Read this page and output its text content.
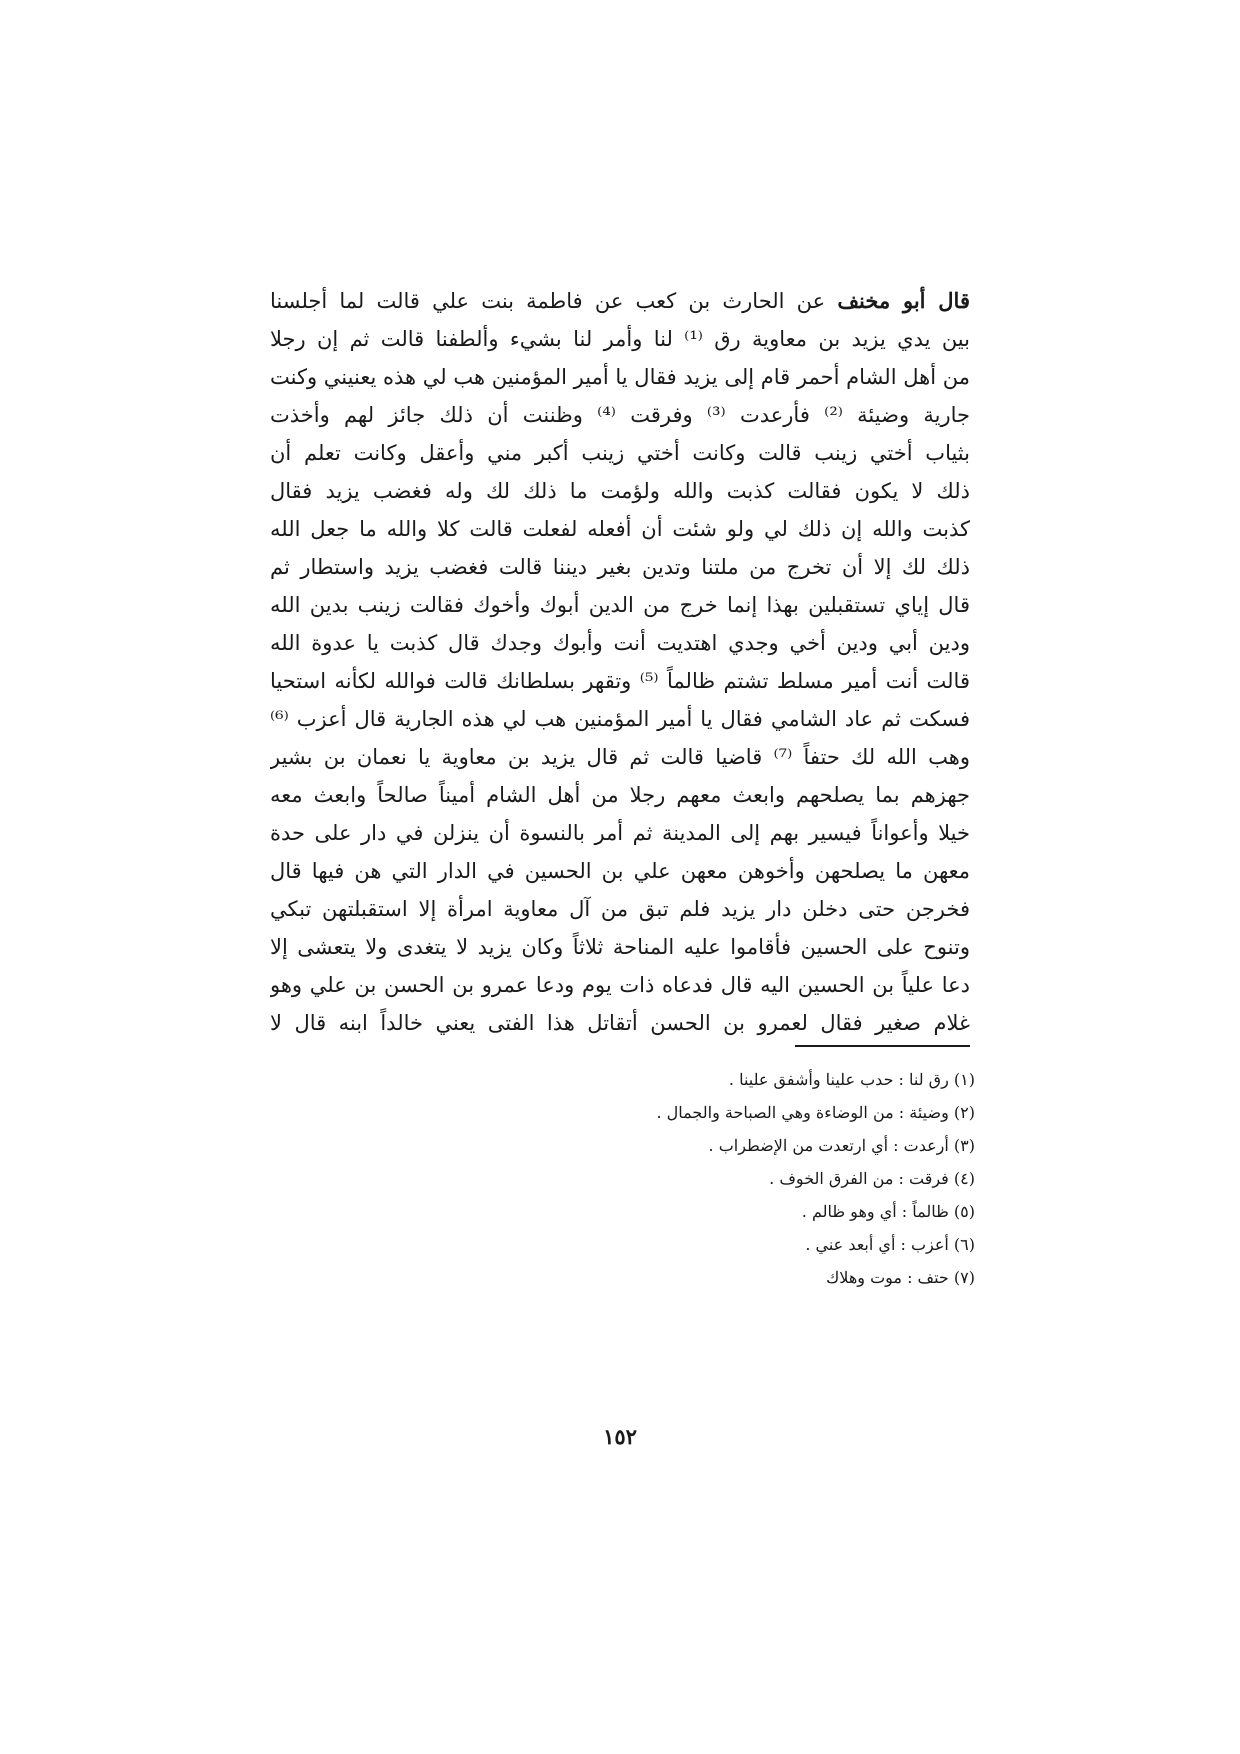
قال أبو مخنف عن الحارث بن كعب عن فاطمة بنت علي قالت لما أجلسنا
بين يدي يزيد بن معاوية رق ⁽¹⁾ لنا وأمر لنا بشيء وألطفنا قالت ثم إن رجلا
من أهل الشام أحمر قام إلى يزيد فقال يا أمير المؤمنين هب لي هذه يعنيني وكنت
جارية وضيئة ⁽²⁾ فأرعدت ⁽³⁾ وفرقت ⁽⁴⁾ وظننت أن ذلك جائز لهم وأخذت
بثياب أختي زينب قالت وكانت أختي زينب أكبر مني وأعقل وكانت تعلم أن
ذلك لا يكون فقالت كذبت والله ولؤمت ما ذلك لك وله فغضب يزيد فقال
كذبت والله إن ذلك لي ولو شئت أن أفعله لفعلت قالت كلا والله ما جعل الله
ذلك لك إلا أن تخرج من ملتنا وتدين بغير ديننا قالت فغضب يزيد واستطار ثم
قال إياي تستقبلين بهذا إنما خرج من الدين أبوك وأخوك فقالت زينب بدين الله
ودين أبي ودين أخي وجدي اهتديت أنت وأبوك وجدك قال كذبت يا عدوة الله
قالت أنت أمير مسلط تشتم ظالماً ⁽⁵⁾ وتقهر بسلطانك قالت فوالله لكأنه استحيا
فسكت ثم عاد الشامي فقال يا أمير المؤمنين هب لي هذه الجارية قال أعزب ⁽⁶⁾
وهب الله لك حتفاً ⁽⁷⁾ قاضيا قالت ثم قال يزيد بن معاوية يا نعمان بن بشير
جهزهم بما يصلحهم وابعث معهم رجلا من أهل الشام أميناً صالحاً وابعث معه
خيلا وأعواناً فيسير بهم إلى المدينة ثم أمر بالنسوة أن ينزلن في دار على حدة
معهن ما يصلحهن وأخوهن معهن علي بن الحسين في الدار التي هن فيها قال
فخرجن حتى دخلن دار يزيد فلم تبق من آل معاوية امرأة إلا استقبلتهن تبكي
وتنوح على الحسين فأقاموا عليه المناحة ثلاثاً وكان يزيد لا يتغدى ولا يتعشى إلا
دعا علياً بن الحسين اليه قال فدعاه ذات يوم ودعا عمرو بن الحسن بن علي وهو
غلام صغير فقال لعمرو بن الحسن أتقاتل هذا الفتى يعني خالداً ابنه قال لا
(١) رق لنا : حدب علينا وأشفق علينا .
(٢) وضيئة : من الوضاءة وهي الصباحة والجمال .
(٣) أرعدت : أي ارتعدت من الإضطراب .
(٤) فرقت : من الفرق الخوف .
(٥) ظالماً : أي وهو ظالم .
(٦) أعزب : أي أبعد عني .
(٧) حتف : موت وهلاك
١٥٢
